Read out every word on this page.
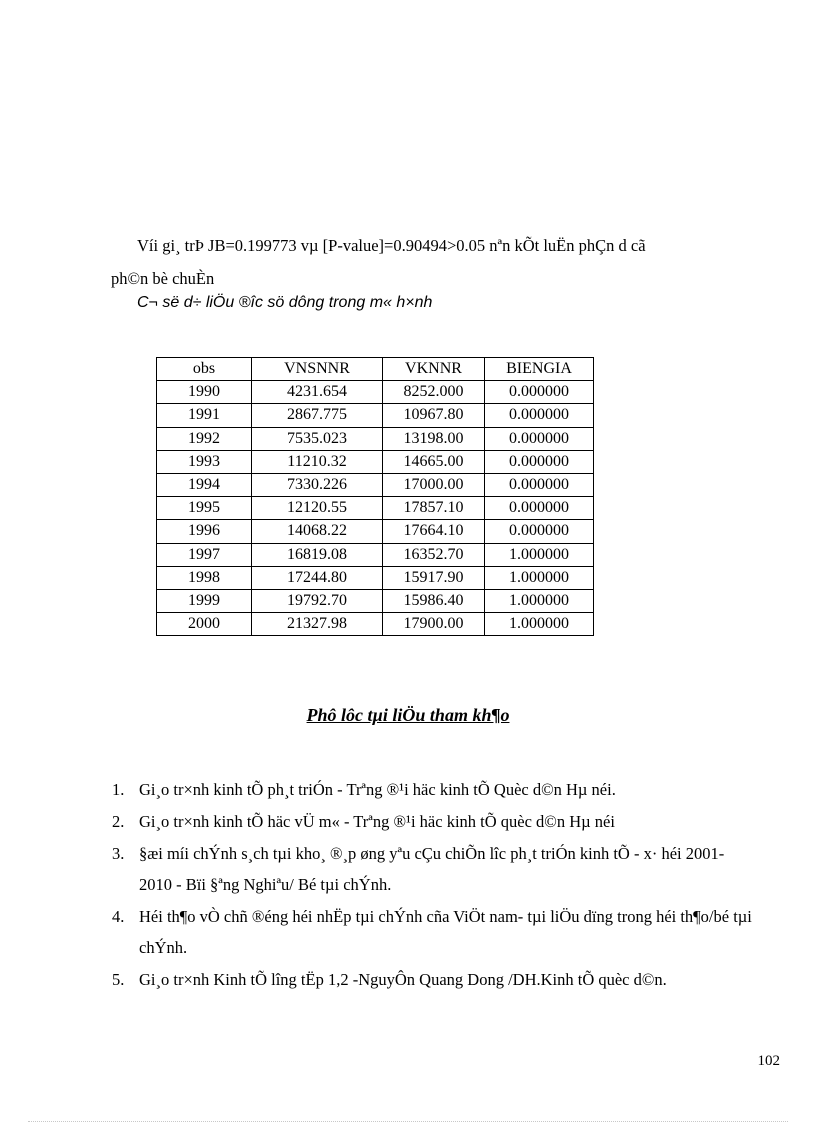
Víi gi¸ trÞ JB=0.199773 vµ [P-value]=0.90494>0.05 nªn kÕt luËn phÇn d cã
ph©n bè chuÈn

C¬ së d÷ liÖu ®îc sö dông trong m« h×nh

obs	VNSNNR	VKNNR	BIENGIA
1990	4231.654	8252.000	0.000000
1991	2867.775	10967.80	0.000000
1992	7535.023	13198.00	0.000000
1993	11210.32	14665.00	0.000000
1994	7330.226	17000.00	0.000000
1995	12120.55	17857.10	0.000000
1996	14068.22	17664.10	0.000000
1997	16819.08	16352.70	1.000000
1998	17244.80	15917.90	1.000000
1999	19792.70	15986.40	1.000000
2000	21327.98	17900.00	1.000000
Phô lôc tµi liÖu tham kh¶o
1. Gi¸o tr×nh kinh tÕ ph¸t triÓn - Trªng ®¹i häc kinh tÕ Quèc d©n Hµ néi.
2. Gi¸o tr×nh kinh tÕ häc vÜ m« - Trªng ®¹i häc kinh tÕ quèc d©n Hµ néi
3. §æi míi chÝnh s¸ch tµi kho¸ ®¸p øng yªu cÇu chiÕn lîc ph¸t triÓn kinh tÕ - x· héi 2001-2010 - Bïi §ªng Nghiªu/ Bé tµi chÝnh.
4. Héi th¶o vÒ chñ ®éng héi nhËp tµi chÝnh cña ViÖt nam- tµi liÖu dïng trong héi th¶o/bé tµi chÝnh.
5. Gi¸o tr×nh Kinh tÕ lîng tËp 1,2 -NguyÔn Quang Dong /DH.Kinh tÕ quèc d©n.
102
